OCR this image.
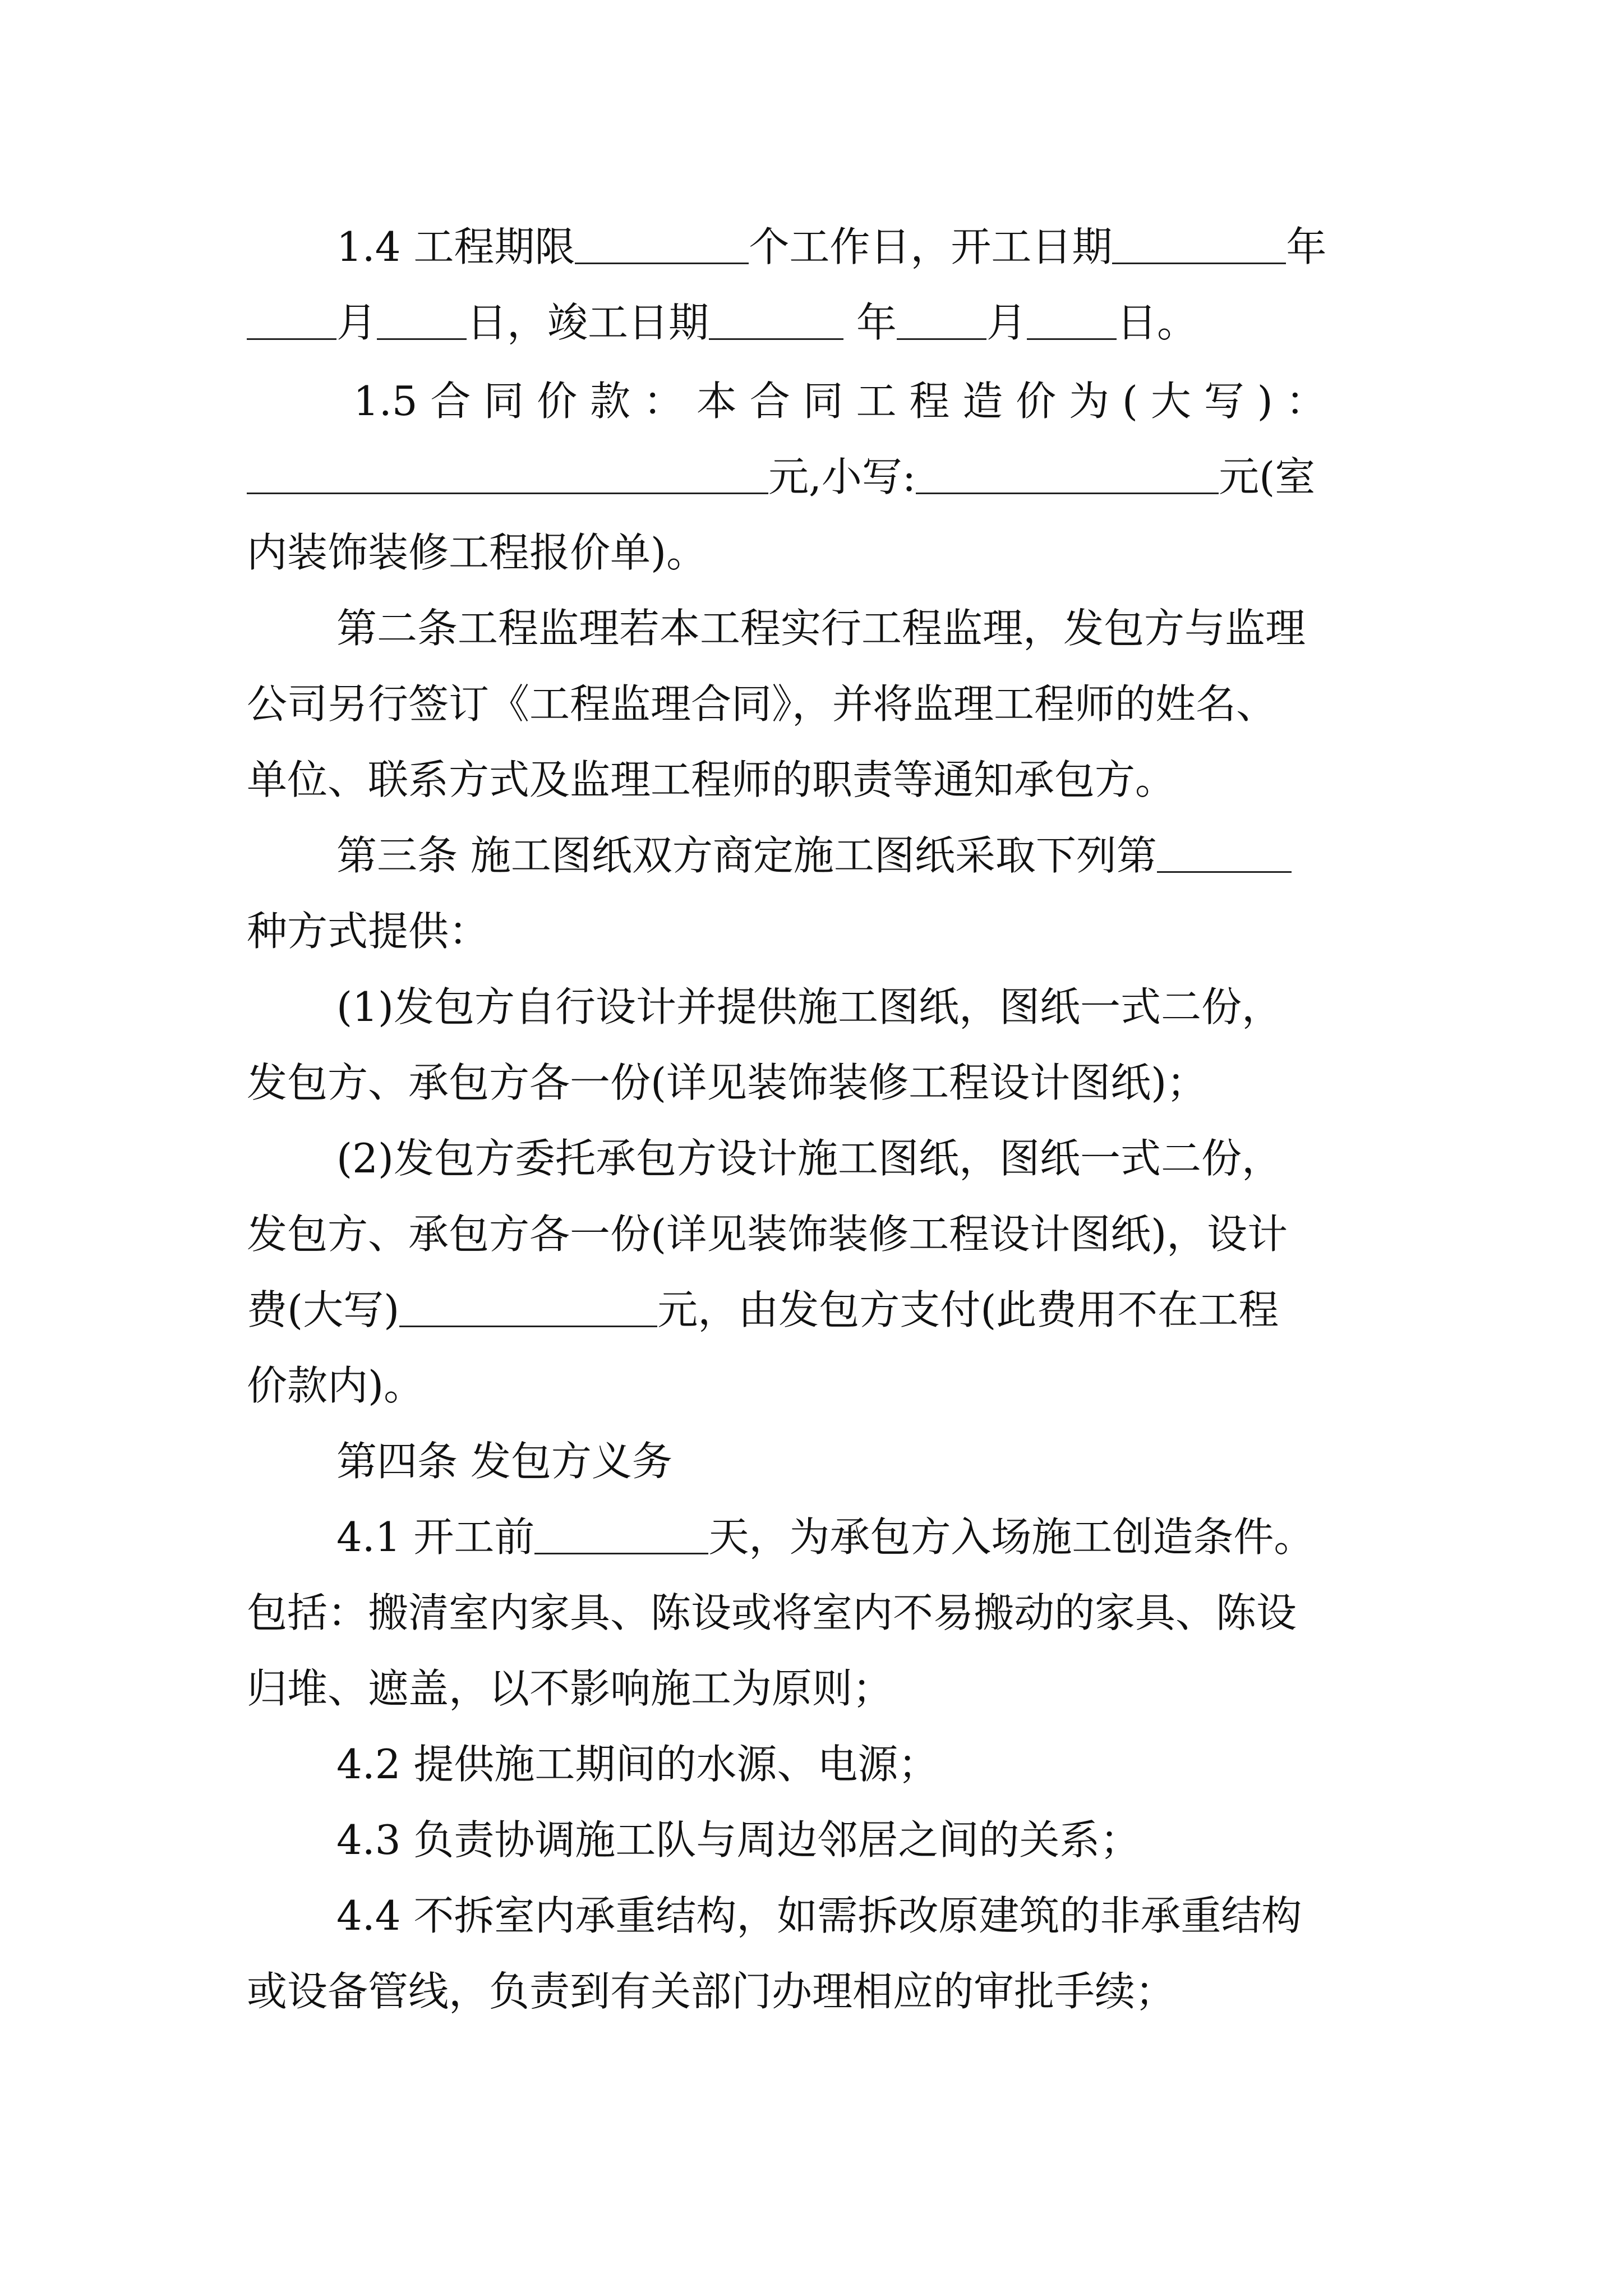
1.4 工程期限	个工作日，开工日期	年
月 日，竣工日期	年 月 日。
1.5 合 同 价 款 ： 本 合 同 工 程 造 价 为 ( 大 写 ) ：
元,小写:	元(室
内装饰装修工程报价单)。
第二条工程监理若本工程实行工程监理，发包方与监理
公司另行签订《工程监理合同》，并将监理工程师的姓名、
单位、联系方式及监理工程师的职责等通知承包方。
第三条 施工图纸双方商定施工图纸采取下列第
种方式提供：
(1)发包方自行设计并提供施工图纸，图纸一式二份，
发包方、承包方各一份(详见装饰装修工程设计图纸)；
(2)发包方委托承包方设计施工图纸，图纸一式二份，
发包方、承包方各一份(详见装饰装修工程设计图纸)，设计
费(大写)	元，由发包方支付(此费用不在工程
价款内)。
第四条 发包方义务
4.1 开工前	天，为承包方入场施工创造条件。
包括：搬清室内家具、陈设或将室内不易搬动的家具、陈设
归堆、遮盖，以不影响施工为原则；
4.2 提供施工期间的水源、电源；
4.3 负责协调施工队与周边邻居之间的关系；
4.4 不拆室内承重结构，如需拆改原建筑的非承重结构
或设备管线，负责到有关部门办理相应的审批手续；
